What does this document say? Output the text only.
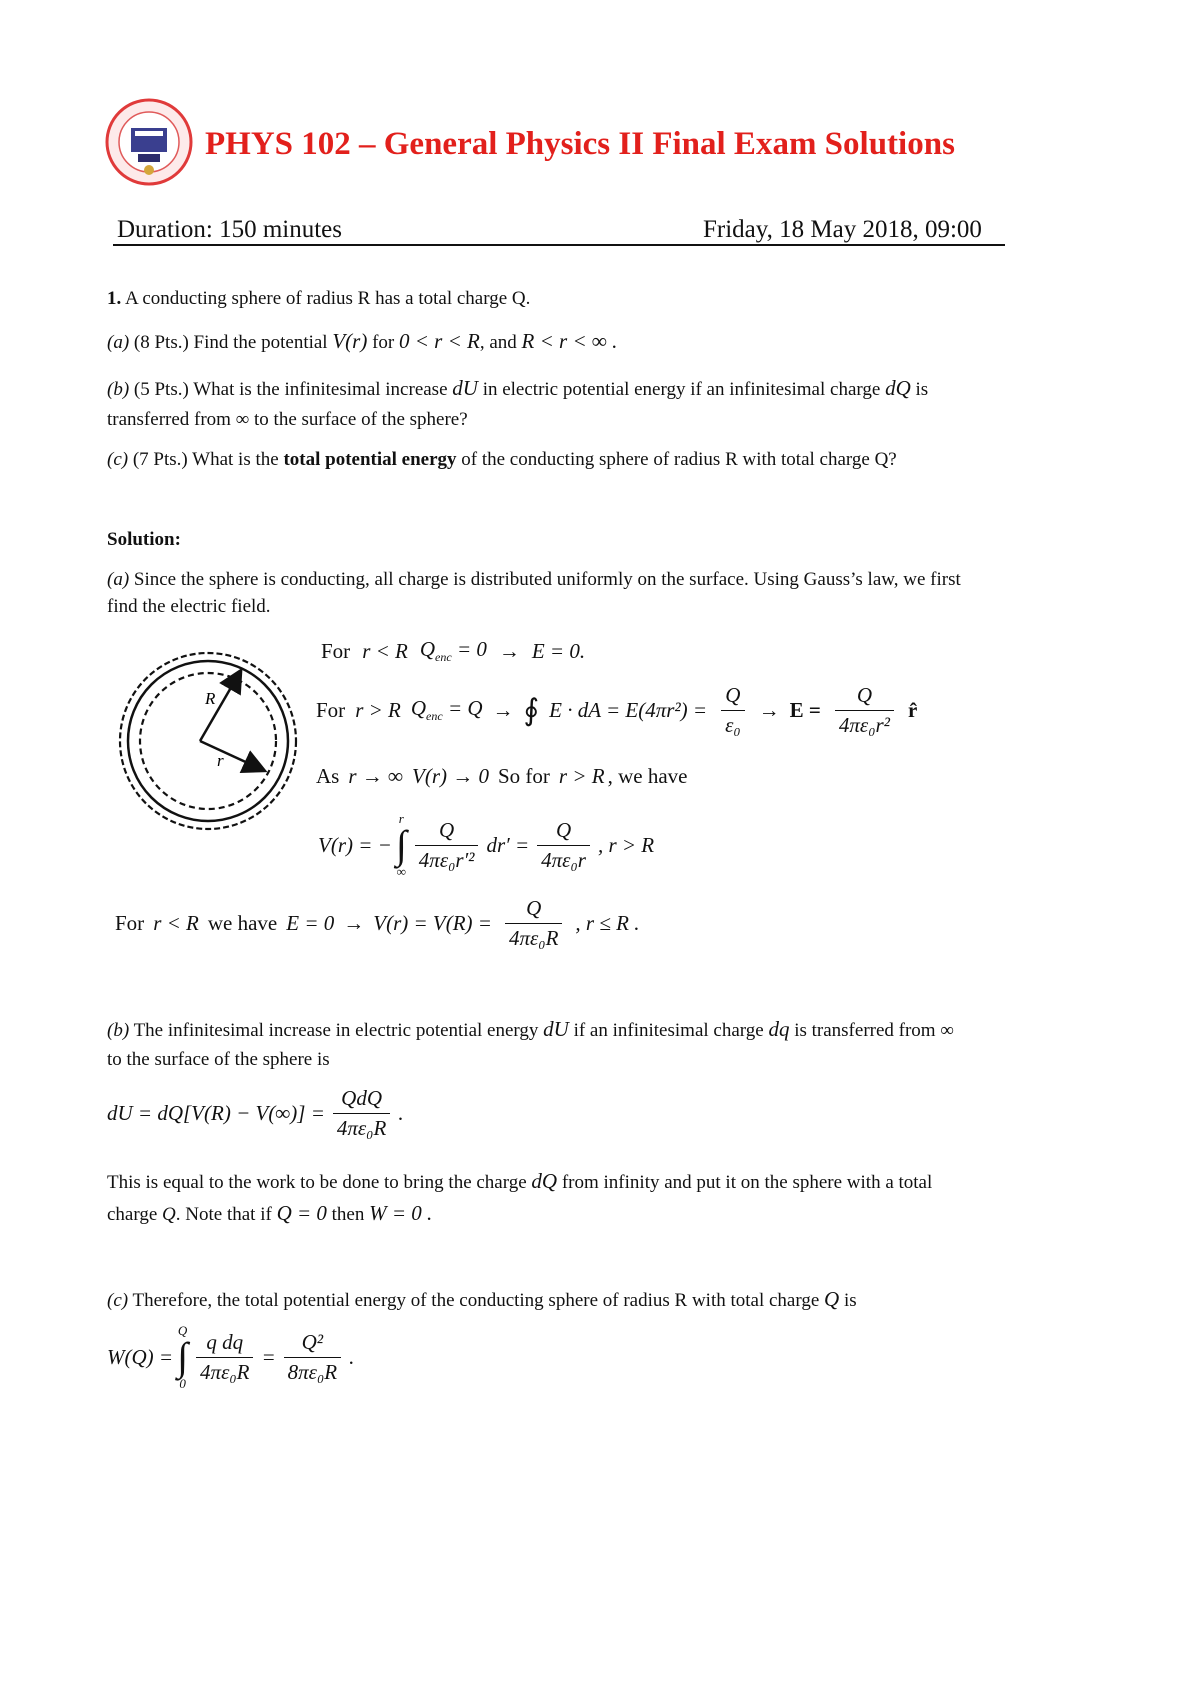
PHYS 102 – General Physics II Final Exam Solutions
Duration: 150 minutes	Friday, 18 May 2018, 09:00
1. A conducting sphere of radius R has a total charge Q.
(a) (8 Pts.) Find the potential V(r) for 0 < r < R, and R < r < ∞ .
(b) (5 Pts.) What is the infinitesimal increase dU in electric potential energy if an infinitesimal charge dQ is
transferred from ∞ to the surface of the sphere?
(c) (7 Pts.) What is the total potential energy of the conducting sphere of radius R with total charge Q?
Solution:
(a) Since the sphere is conducting, all charge is distributed uniformly on the surface. Using Gauss’s law, we first
find the electric field.
R
r
For r < R $Q_{enc} = 0 \to E = 0$.
For r > R $Q_{enc} = Q$ → ∮ E · dA = $E(4\pi r^2) = \frac{Q}{\text{ε₀}} \to E = \frac{Q}{\text{4πε₀r²}}$ r̂
As r → ∞ V(r) → 0 So for r > R , we have
V(r) = −
r
∫
∞ $\frac{Q}{\text{4πε₀r′²}} dr' = \frac{Q}{\text{4πε₀r}}$ , r > R
For r < R we have $E = 0 \to V(r) = V(R) = \frac{Q}{\text{4πε₀R}}$ , r ≤ R .
(b) The infinitesimal increase in electric potential energy dU if an infinitesimal charge dq is transferred from ∞
to the surface of the sphere is
dU = $dQ[V(R) - V(\infty)] = \frac{\text{QdQ}}{\text{4πε₀R}}$ .
This is equal to the work to be done to bring the charge dQ from infinity and put it on the sphere with a total
charge Q. Note that if Q = 0 then W = 0 .
(c) Therefore, the total potential energy of the conducting sphere of radius R with total charge Q is
W(Q) =
Q
∫
$0 \frac{\text{q dq}}{\text{4πε₀R}} = \frac{\text{Q²}}{\text{8πε₀R}}$ .
